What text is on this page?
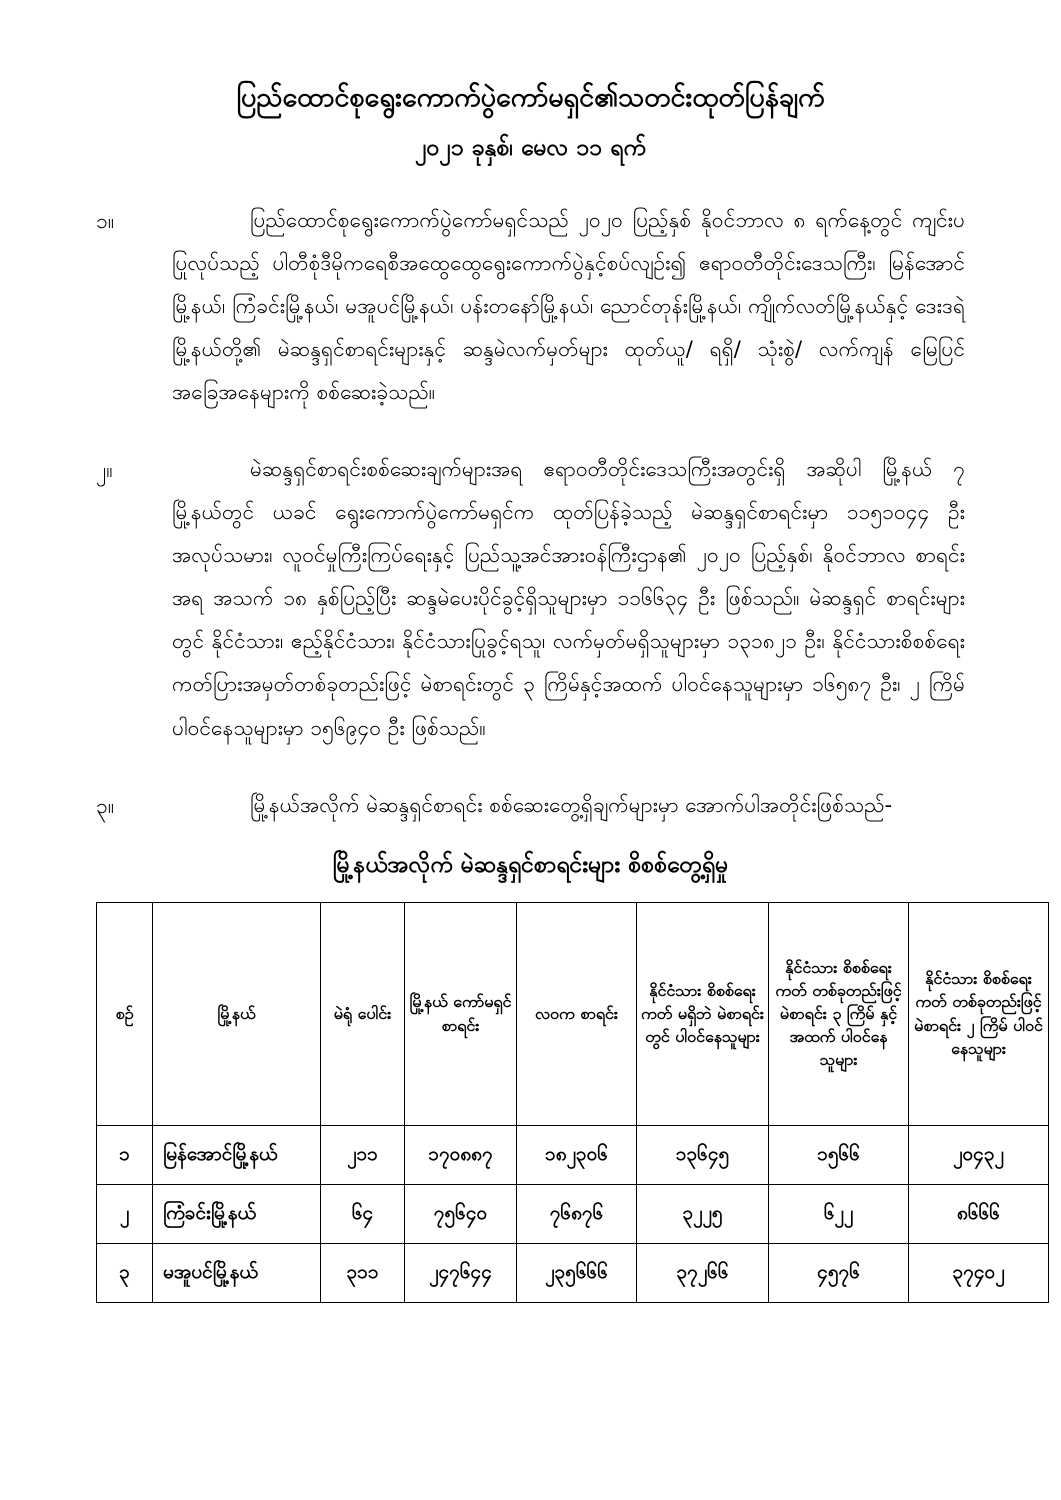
ပြည်ထောင်စုရွေးကောက်ပွဲကော်မရှင်၏သတင်းထုတ်ပြန်ချက်
၂၀၂၁ ခုနှစ်၊ မေလ ၁၁ ရက်
၁။	ပြည်ထောင်စုရွေးကောက်ပွဲကော်မရှင်သည် ၂၀၂၀ ပြည့်နှစ် နိုဝင်ဘာလ ၈ ရက်နေ့တွင် ကျင်းပပြုလုပ်သည့် ပါတီစုံဒီမိုကရေစီအထွေထွေရွေးကောက်ပွဲနှင့်စပ်လျဉ်း၍ ဧရာဝတီတိုင်းဒေသကြီး၊ မြန်အောင်မြို့နယ်၊ ကြံခင်းမြို့နယ်၊ မအူပင်မြို့နယ်၊ ပန်းတနော်မြို့နယ်၊ ညောင်တုန်းမြို့နယ်၊ ကျိုက်လတ်မြို့နယ်နှင့် ဒေးဒရဲမြို့နယ်တို့၏ မဲဆန္ဒရှင်စာရင်းများနှင့် ဆန္ဒမဲလက်မှတ်များ ထုတ်ယူ/ ရရှိ/ သုံးစွဲ/ လက်ကျန် မြေပြင်အခြေအနေများကို စစ်ဆေးခဲ့သည်။
၂။	မဲဆန္ဒရှင်စာရင်းစစ်ဆေးချက်များအရ ဧရာဝတီတိုင်းဒေသကြီးအတွင်းရှိ အဆိုပါ မြို့နယ် ၇ မြို့နယ်တွင် ယခင် ရွေးကောက်ပွဲကော်မရှင်က ထုတ်ပြန်ခဲ့သည့် မဲဆန္ဒရှင်စာရင်းမှာ ၁၁၅၁၀၄၄ ဦး အလုပ်သမား၊ လူဝင်မှုကြီးကြပ်ရေးနှင့် ပြည်သူ့အင်အားဝန်ကြီးဌာန၏ ၂၀၂၀ ပြည့်နှစ်၊ နိုဝင်ဘာလ စာရင်းအရ အသက် ၁၈ နှစ်ပြည့်ပြီး ဆန္ဒမဲပေးပိုင်ခွင့်ရှိသူများမှာ ၁၁၆၆၃၄ ဦး ဖြစ်သည်။ မဲဆန္ဒရှင် စာရင်းများတွင် နိုင်ငံသား၊ ဧည့်နိုင်ငံသား၊ နိုင်ငံသားပြုခွင့်ရသူ၊ လက်မှတ်မရှိသူများမှာ ၁၃၁၈၂၁ ဦး၊ နိုင်ငံသားစိစစ်ရေးကတ်ပြားအမှတ်တစ်ခုတည်းဖြင့် မဲစာရင်းတွင် ၃ ကြိမ်နှင့်အထက် ပါဝင်နေသူများမှာ ၁၆၅၈၇ ဦး၊ ၂ ကြိမ် ပါဝင်နေသူများမှာ ၁၅၆၉၄၀ ဦး ဖြစ်သည်။
၃။	မြို့နယ်အလိုက် မဲဆန္ဒရှင်စာရင်း စစ်ဆေးတွေ့ရှိချက်များမှာ အောက်ပါအတိုင်းဖြစ်သည်-
မြို့နယ်အလိုက် မဲဆန္ဒရှင်စာရင်းများ စိစစ်တွေ့ရှိမှု
စဉ်	မြို့နယ်	မဲရုံ ပေါင်း	မြို့နယ် ကော်မရှင် စာရင်း	လဝက စာရင်း	နိုင်ငံသား စိစစ်ရေးကတ် မရှိဘဲ မဲစာရင်းတွင် ပါဝင်နေသူများ	နိုင်ငံသား စိစစ်ရေးကတ် တစ်ခုတည်းဖြင့် မဲစာရင်း ၃ ကြိမ် နှင့်အထက် ပါဝင်နေသူများ	နိုင်ငံသား စိစစ်ရေးကတ် တစ်ခုတည်းဖြင့် မဲစာရင်း ၂ ကြိမ် ပါဝင်နေသူများ
၁	မြန်အောင်မြို့နယ်	၂၁၁	၁၇၀၈၈၇	၁၈၂၃၀၆	၁၃၆၄၅	၁၅၆၆	၂၀၄၃၂
၂	ကြံခင်းမြို့နယ်	၆၄	၇၅၆၄၀	၇၆၈၇၆	၃၂၂၅	၆၂၂	၈၆၆၆
၃	မအူပင်မြို့နယ်	၃၁၁	၂၄၇၆၄၄	၂၃၅၆၆၆	၃၇၂၆၆	၄၅၇၆	၃၇၄၀၂
